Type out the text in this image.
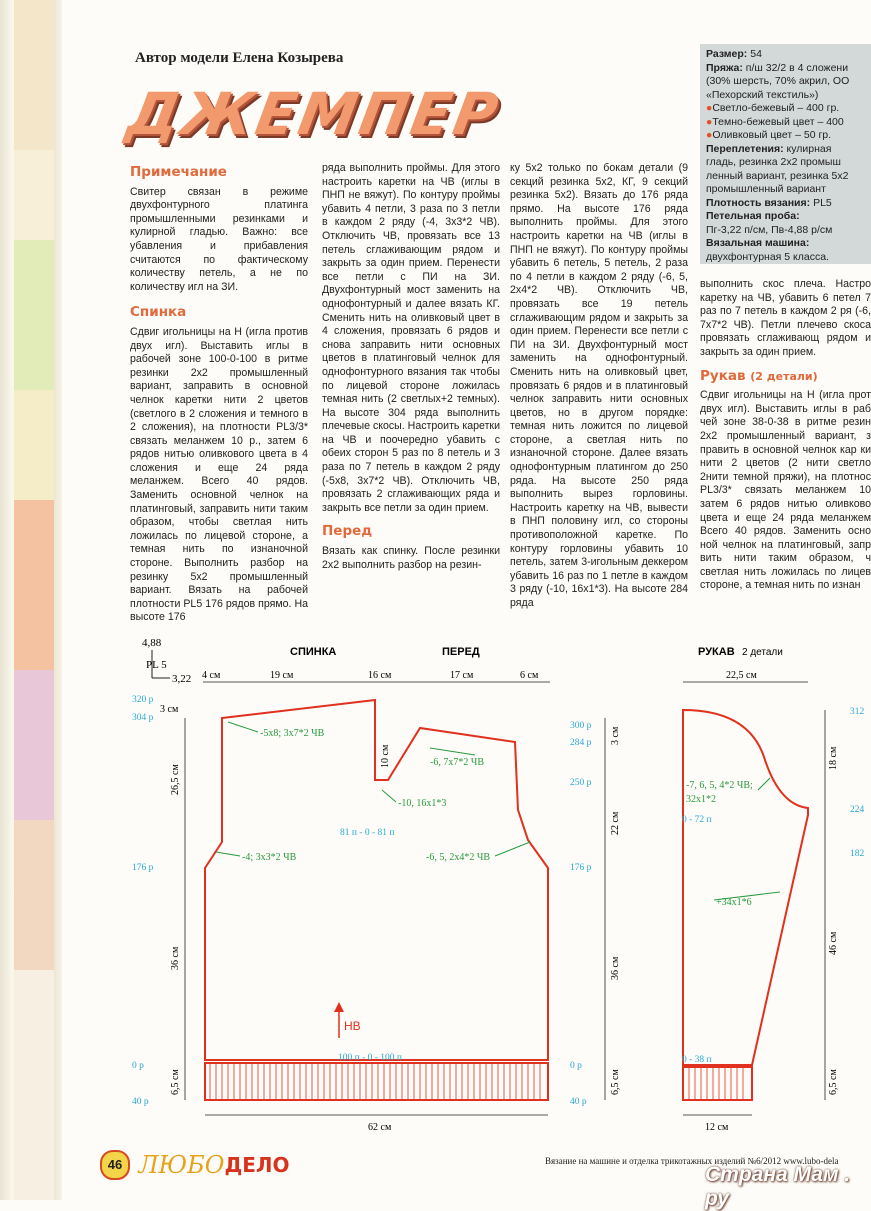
Автор модели Елена Козырева
ДЖЕМПЕР
Размер: 54
Пряжа: п/ш 32/2 в 4 сложени
(30% шерсть, 70% акрил, ОО
«Пехорский текстиль»)
●Светло-бежевый – 400 гр.
●Темно-бежевый цвет – 400
●Оливковый цвет – 50 гр.
Переплетения: кулирная
гладь, резинка 2х2 промыш
ленный вариант, резинка 5х2
промышленный вариант
Плотность вязания: PL5
Петельная проба:
Пг-3,22 п/см, Пв-4,88 р/см
Вязальная машина:
двухфонтурная 5 класса.
Примечание

Свитер связан в режиме двухфонтурного платинга промышленными резинками и кулирной гладью. Важно: все убавления и прибавления считаются по фактическому количеству петель, а не по количеству игл на ЗИ.

Спинка

Сдвиг игольницы на Н (игла против двух игл). Выставить иглы в рабочей зоне 100-0-100 в ритме резинки 2х2 промышленный вариант, заправить в основной челнок каретки нити 2 цветов (светлого в 2 сложения и темного в 2 сложения), на плотности PL3/3* связать меланжем 10 р., затем 6 рядов нитью оливкового цвета в 4 сложения и еще 24 ряда меланжем. Всего 40 рядов. Заменить основной челнок на платинговый, заправить нити таким образом, чтобы светлая нить ложилась по лицевой стороне, а темная нить по изнаночной стороне. Выполнить разбор на резинку 5х2 промышленный вариант. Вязать на рабочей плотности PL5 176 рядов прямо. На высоте 176

ряда выполнить проймы. Для этого настроить каретки на ЧВ (иглы в ПНП не вяжут). По контуру проймы убавить 4 петли, 3 раза по 3 петли в каждом 2 ряду (-4, 3х3*2 ЧВ). Отключить ЧВ, провязать все 13 петель сглаживающим рядом и закрыть за один прием. Перенести все петли с ПИ на ЗИ. Двухфонтурный мост заменить на однофонтурный и далее вязать КГ. Сменить нить на оливковый цвет в 4 сложения, провязать 6 рядов и снова заправить нити основных цветов в платинговый челнок для однофонтурного вязания так чтобы по лицевой стороне ложилась темная нить (2 светлых+2 темных). На высоте 304 ряда выполнить плечевые скосы. Настроить каретки на ЧВ и поочередно убавить с обеих сторон 5 раз по 8 петель и 3 раза по 7 петель в каждом 2 ряду (-5х8, 3х7*2 ЧВ). Отключить ЧВ, провязать 2 сглаживающих ряда и закрыть все петли за один прием.

Перед

Вязать как спинку. После резинки 2х2 выполнить разбор на резин-

ку 5х2 только по бокам детали (9 секций резинка 5х2, КГ, 9 секций резинка 5х2). Вязать до 176 ряда прямо. На высоте 176 ряда выполнить проймы. Для этого настроить каретки на ЧВ (иглы в ПНП не вяжут). По контуру проймы убавить 6 петель, 5 петель, 2 раза по 4 петли в каждом 2 ряду (-6, 5, 2х4*2 ЧВ). Отключить ЧВ, провязать все 19 петель сглаживающим рядом и закрыть за один прием. Перенести все петли с ПИ на ЗИ. Двухфонтурный мост заменить на однофонтурный. Сменить нить на оливковый цвет, провязать 6 рядов и в платинговый челнок заправить нити основных цветов, но в другом порядке: темная нить ложится по лицевой стороне, а светлая нить по изнаночной стороне. Далее вязать однофонтурным платингом до 250 ряда. На высоте 250 ряда выполнить вырез горловины. Настроить каретку на ЧВ, вывести в ПНП половину игл, со стороны противоположной каретке. По контуру горловины убавить 10 петель, затем 3-игольным деккером убавить 16 раз по 1 петле в каждом 3 ряду (-10, 16х1*3). На высоте 284 ряда

выполнить скос плеча. Настро каретку на ЧВ, убавить 6 петел 7 раз по 7 петель в каждом 2 ря (-6, 7х7*2 ЧВ). Петли плечево скоса провязать сглаживающ рядом и закрыть за один прием.

Рукав (2 детали)

Сдвиг игольницы на Н (игла прот двух игл). Выставить иглы в раб чей зоне 38-0-38 в ритме резин 2х2 промышленный вариант, з править в основной челнок кар ки нити 2 цветов (2 нити светло 2нити темной пряжи), на плотнос PL3/3* связать меланжем 10 затем 6 рядов нитью оливково цвета и еще 24 ряда меланжем Всего 40 рядов. Заменить осно ной челнок на платинговый, запр вить нити таким образом, ч светлая нить ложилась по лицев стороне, а темная нить по изнан

4,88
PL 5
3,22
СПИНКА	ПЕРЕД	РУКАВ 2 детали
4 см	19 см	16 см	17 см	6 см	22,5 см
320 р
304 р
176 р
0 р
40 р
300 р
284 р
250 р
176 р
0 р
40 р
312
224
182
3 см
26,5 см
36 см
6,5 см
10 см
3 см
22 см
36 см
6,5 см
18 см
46 см
6,5 см
81 п - 0 - 81 п
100 п - 0 - 100 п
0 - 72 п
0 - 38 п
-5х8; 3х7*2 ЧВ
-4; 3х3*2 ЧВ
-6, 7х7*2 ЧВ
-10, 16х1*3
-6, 5, 2х4*2 ЧВ
-7, 6, 5, 4*2 ЧВ;
32х1*2
+34х1*6
НВ
62 см	12 см
46 ЛЮБОДЕЛО	Вязание на машине и отделка трикотажных изделий №6/2012 www.lubo-dela
Страна Мам . ру
